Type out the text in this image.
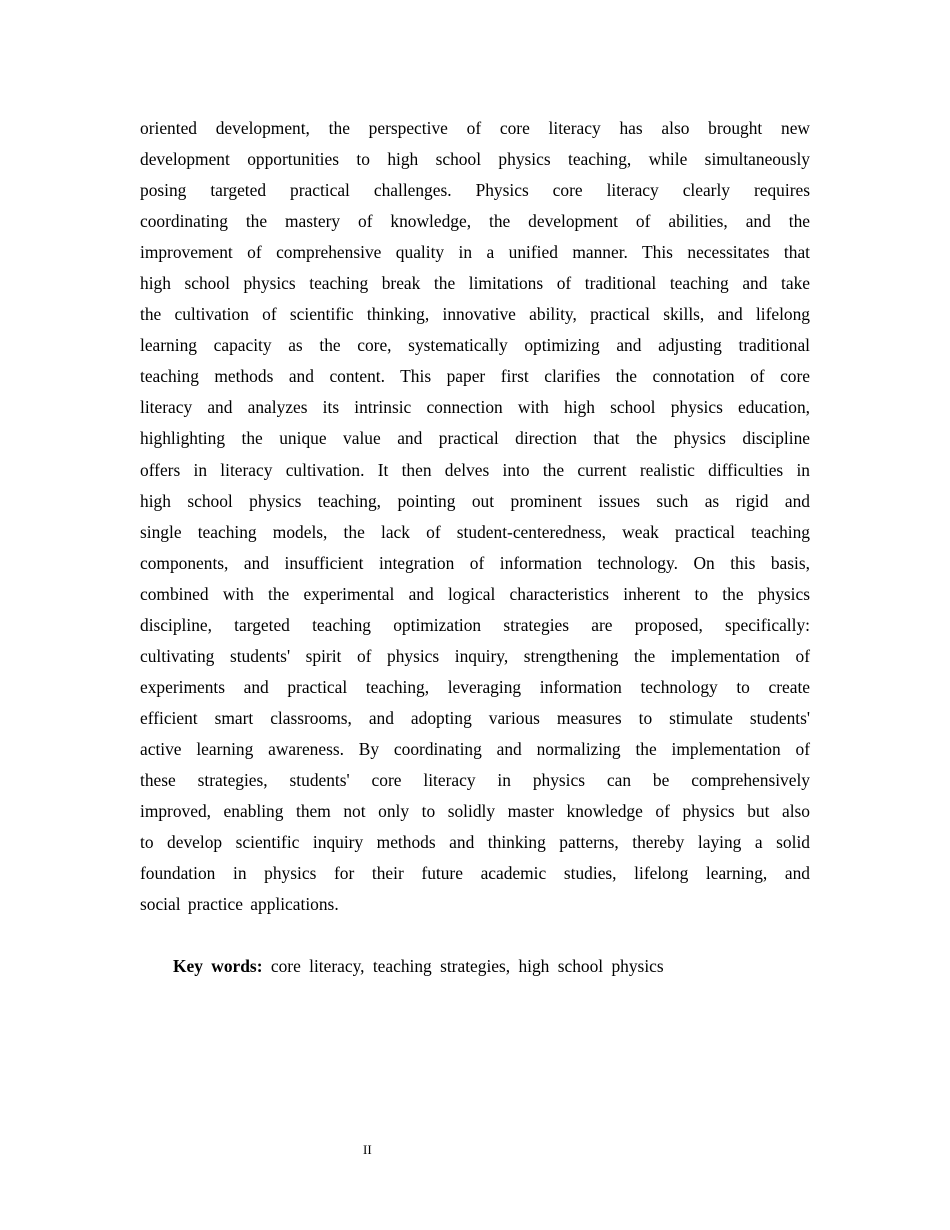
oriented development, the perspective of core literacy has also brought new
development opportunities to high school physics teaching, while simultaneously
posing targeted practical challenges. Physics core literacy clearly requires
coordinating the mastery of knowledge, the development of abilities, and the
improvement of comprehensive quality in a unified manner. This necessitates that
high school physics teaching break the limitations of traditional teaching and take
the cultivation of scientific thinking, innovative ability, practical skills, and lifelong
learning capacity as the core, systematically optimizing and adjusting traditional
teaching methods and content. This paper first clarifies the connotation of core
literacy and analyzes its intrinsic connection with high school physics education,
highlighting the unique value and practical direction that the physics discipline
offers in literacy cultivation. It then delves into the current realistic difficulties in
high school physics teaching, pointing out prominent issues such as rigid and
single teaching models, the lack of student-centeredness, weak practical teaching
components, and insufficient integration of information technology. On this basis,
combined with the experimental and logical characteristics inherent to the physics
discipline, targeted teaching optimization strategies are proposed, specifically:
cultivating students' spirit of physics inquiry, strengthening the implementation of
experiments and practical teaching, leveraging information technology to create
efficient smart classrooms, and adopting various measures to stimulate students'
active learning awareness. By coordinating and normalizing the implementation of
these strategies, students' core literacy in physics can be comprehensively
improved, enabling them not only to solidly master knowledge of physics but also
to develop scientific inquiry methods and thinking patterns, thereby laying a solid
foundation in physics for their future academic studies, lifelong learning, and
social practice applications.
Key words: core literacy, teaching strategies, high school physics
II
